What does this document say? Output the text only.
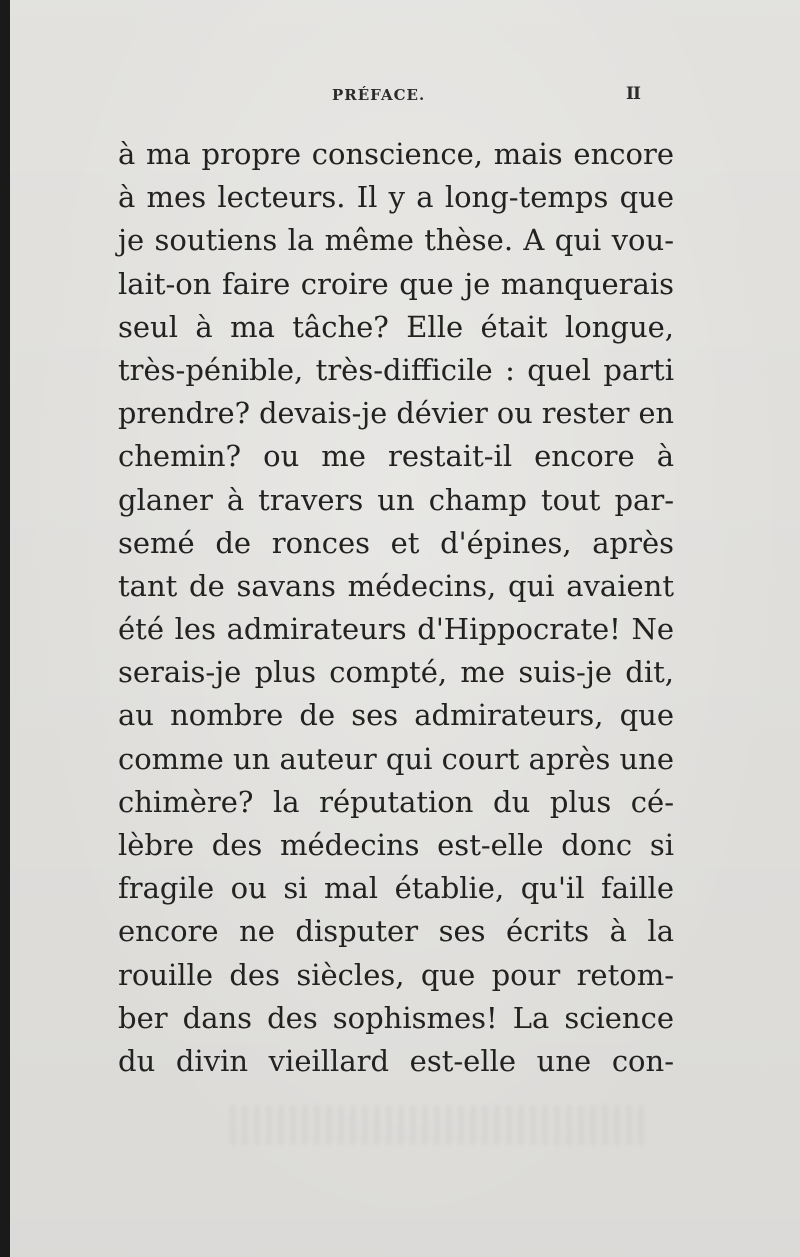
PRÉFACE.	II
à ma propre conscience, mais encore
à mes lecteurs. Il y a long-temps que
je soutiens la même thèse. A qui vou-
lait-on faire croire que je manquerais
seul à ma tâche? Elle était longue,
très-pénible, très-difficile : quel parti
prendre? devais-je dévier ou rester en
chemin? ou me restait-il encore à
glaner à travers un champ tout par-
semé de ronces et d'épines, après
tant de savans médecins, qui avaient
été les admirateurs d'Hippocrate! Ne
serais-je plus compté, me suis-je dit,
au nombre de ses admirateurs, que
comme un auteur qui court après une
chimère? la réputation du plus cé-
lèbre des médecins est-elle donc si
fragile ou si mal établie, qu'il faille
encore ne disputer ses écrits à la
rouille des siècles, que pour retom-
ber dans des sophismes! La science
du divin vieillard est-elle une con-
